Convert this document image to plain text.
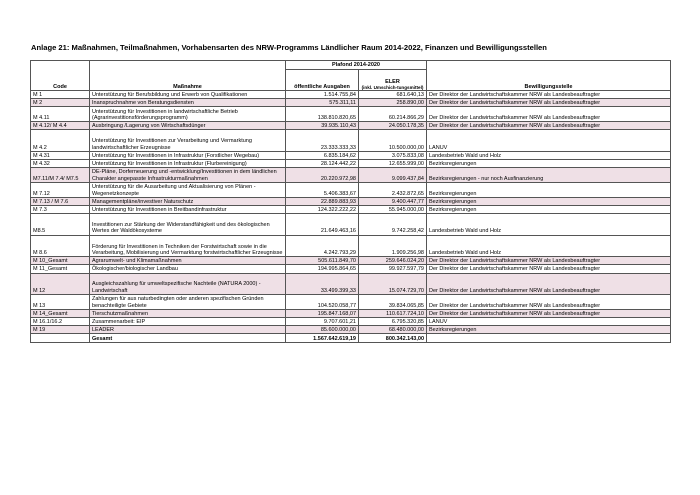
Anlage 21: Maßnahmen, Teilmaßnahmen, Vorhabensarten des NRW-Programms Ländlicher Raum 2014-2022, Finanzen und Bewilligungsstellen
Code	Maßnahme	Plafond 2014-2020		Bewilligungsstelle
		öffentliche Ausgaben	ELER
(inkl. Umschich-tungsmittel)	

M 1	Unterstützung für Berufsbildung und Erwerb von Qualifikationen	1.514.755,84	681.640,13	Der Direktor der Landwirtschaftskammer NRW als Landesbeauftragter
M 2	Inanspruchnahme von Beratungsdiensten	575.311,11	258.890,00	Der Direktor der Landwirtschaftskammer NRW als Landesbeauftragter
M 4.11	Unterstützung für Investitionen in landwirtschaftliche Betrieb (Agrarinvestitionsförderungsprogramm)	138.810.820,65	60.214.866,29	Der Direktor der Landwirtschaftskammer NRW als Landesbeauftragter
M 4.12/ M 4.4	Ausbringung /Lagerung von Wirtschaftsdünger	39.935.110,43	24.050.178,35	Der Direktor der Landwirtschaftskammer NRW als Landesbeauftragter
M 4.2	Unterstützung für Investitionen zur Verarbeitung und Vermarktung landwirtschaftlicher Erzeugnisse	23.333.333,33	10.500.000,00	LANUV
M 4.31	Unterstützung für Investitionen in Infrastruktur (Forstlicher Wegebau)	6.835.184,62	3.075.833,08	Landesbetrieb Wald und Holz
M 4.32	Unterstützung für Investitionen in Infrastruktur (Flurbereinigung)	28.124.442,22	12.655.999,00	Bezirksregierungen
M7.11/M 7.4/ M7.5	DE-Pläne, Dorferneuerung und -entwicklung/Investitionen in dem ländlichen Charakter angepasste Infrastrukturmaßnahmen	20.220.972,98	9.099.437,84	Bezirksregierungen - nur noch Ausfinanzierung
M 7.12	Unterstützung für die Ausarbeitung und Aktualisierung von Plänen - Wegenetzkonzepte	5.406.383,67	2.432.872,65	Bezirksregierungen
M 7.13 / M 7.6	Managementpläne/investiver Naturschutz	22.889.883,93	9.400.447,77	Bezirksregierungen
M 7.3	Unterstützung für Investitionen in Breitbandinfrastruktur	124.322.222,22	55.945.000,00	Bezirksregierungen
M8.5	Investitionen zur Stärkung der Widerstandfähigkeit und des ökologischen Wertes der Waldökosysteme	21.649.463,16	9.742.258,42	Landesbetrieb Wald und Holz
M 8.6	Förderung für Investitionen in Techniken der Forstwirtschaft sowie in die Verarbeitung, Mobilisierung und Vermarktung forstwirtschaftlicher Erzeugnisse	4.242.793,29	1.909.256,98	Landesbetrieb Wald und Holz
M 10_Gesamt	Agrarumwelt- und Klimamaßnahmen	505.611.849,70	259.646.024,20	Der Direktor der Landwirtschaftskammer NRW als Landesbeauftragter
M 11_Gesamt	Ökologischer/biologischer Landbau	194.995.864,65	99.927.597,79	Der Direktor der Landwirtschaftskammer NRW als Landesbeauftragter
M 12	Ausgleichszahlung für umweltspezifische Nachteile (NATURA 2000) - Landwirtschaft	33.499.399,33	15.074.729,70	Der Direktor der Landwirtschaftskammer NRW als Landesbeauftragter
M 13	Zahlungen für aus naturbedingten oder anderen spezifischen Gründen benachteiligte Gebiete	104.520.058,77	39.834.065,85	Der Direktor der Landwirtschaftskammer NRW als Landesbeauftragter
M 14_Gesamt	Tierschutzmaßnahmen	195.847.168,07	110.617.724,10	Der Direktor der Landwirtschaftskammer NRW als Landesbeauftragter
M 16.1/16.2	Zusammenarbeit: EIP	9.707.601,21	6.795.320,85	LANUV
M 19	LEADER	85.600.000,00	68.480.000,00	Bezirksregierungen
	Gesamt	1.567.642.619,19	800.342.143,00	
